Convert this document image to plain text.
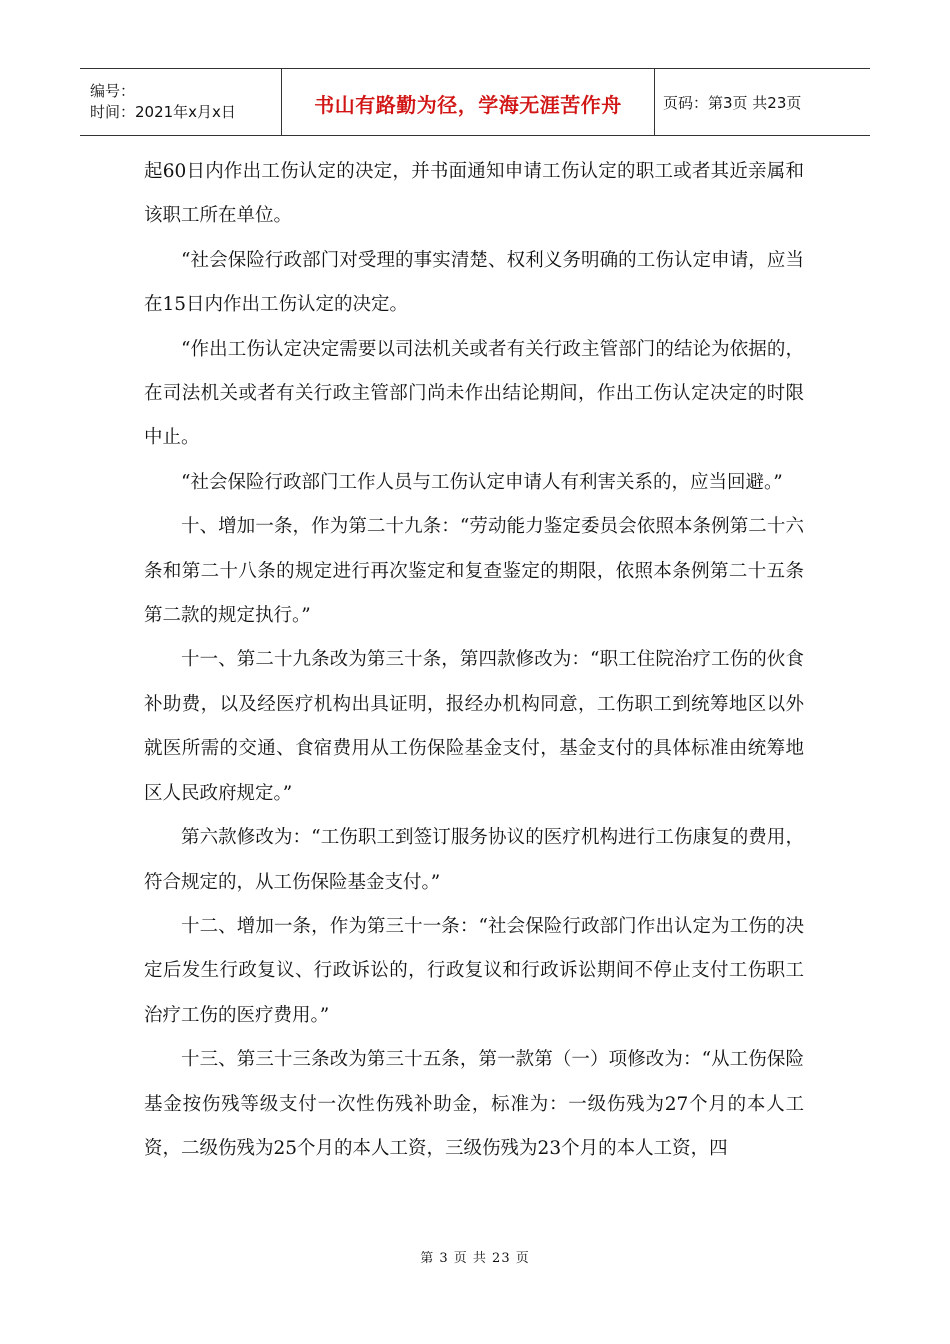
编号：
时间：2021年x月x日	书山有路勤为径，学海无涯苦作舟	页码：第3页 共23页

起60日内作出工伤认定的决定，并书面通知申请工伤认定的职工或者其近亲属和该职工所在单位。

“社会保险行政部门对受理的事实清楚、权利义务明确的工伤认定申请，应当在15日内作出工伤认定的决定。

“作出工伤认定决定需要以司法机关或者有关行政主管部门的结论为依据的，在司法机关或者有关行政主管部门尚未作出结论期间，作出工伤认定决定的时限中止。

“社会保险行政部门工作人员与工伤认定申请人有利害关系的，应当回避。”

十、增加一条，作为第二十九条：“劳动能力鉴定委员会依照本条例第二十六条和第二十八条的规定进行再次鉴定和复查鉴定的期限，依照本条例第二十五条第二款的规定执行。”

十一、第二十九条改为第三十条，第四款修改为：“职工住院治疗工伤的伙食补助费，以及经医疗机构出具证明，报经办机构同意，工伤职工到统筹地区以外就医所需的交通、食宿费用从工伤保险基金支付，基金支付的具体标准由统筹地区人民政府规定。”

第六款修改为：“工伤职工到签订服务协议的医疗机构进行工伤康复的费用，符合规定的，从工伤保险基金支付。”

十二、增加一条，作为第三十一条：“社会保险行政部门作出认定为工伤的决定后发生行政复议、行政诉讼的，行政复议和行政诉讼期间不停止支付工伤职工治疗工伤的医疗费用。”

十三、第三十三条改为第三十五条，第一款第（一）项修改为：“从工伤保险基金按伤残等级支付一次性伤残补助金，标准为：一级伤残为27个月的本人工资，二级伤残为25个月的本人工资，三级伤残为23个月的本人工资，四

第 3 页 共 23 页
